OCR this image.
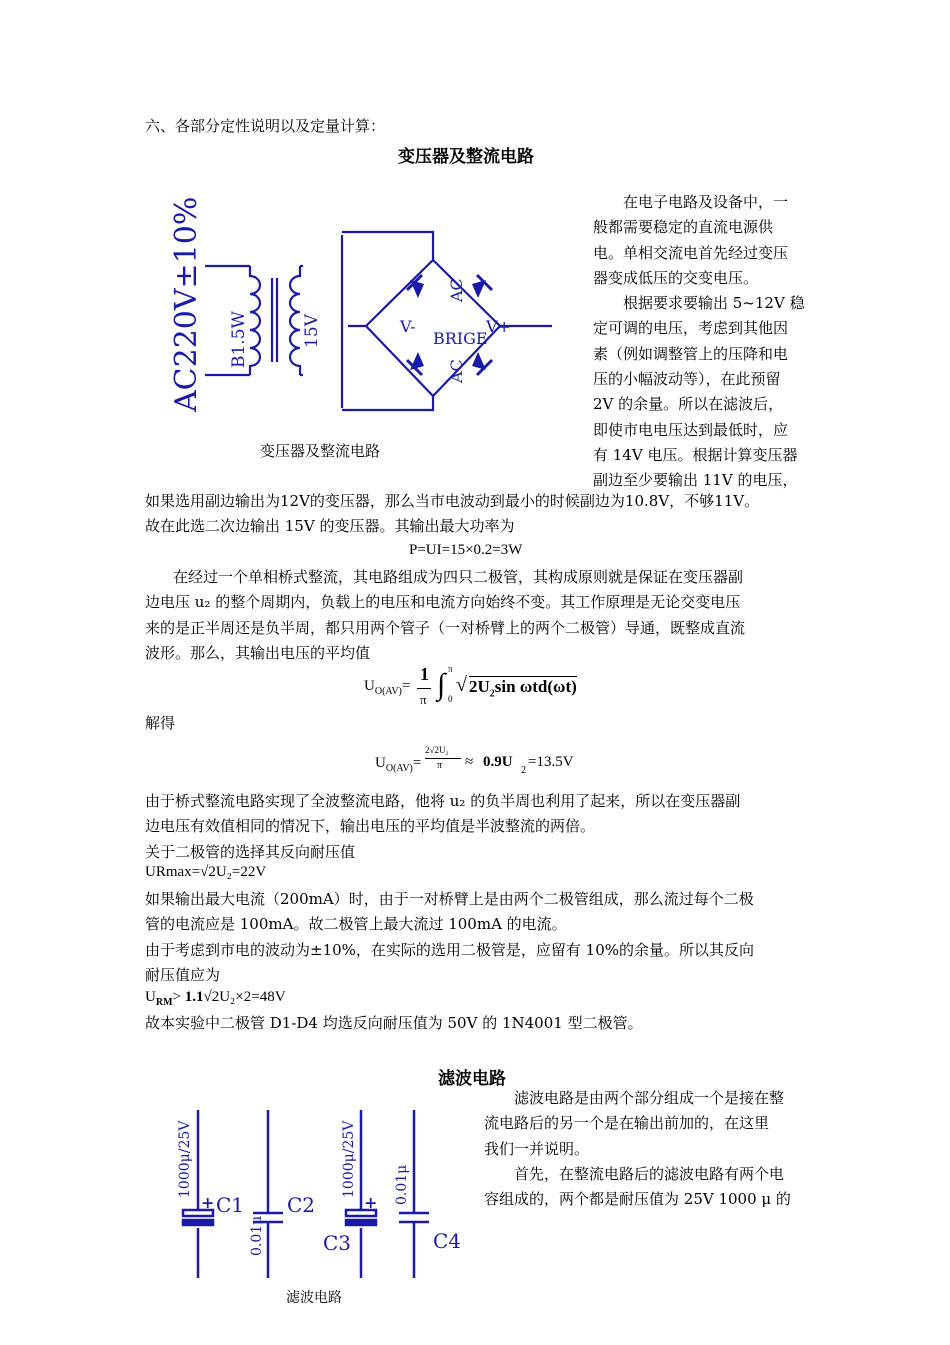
六、各部分定性说明以及定量计算：
变压器及整流电路
AC220V±10% B1.5W	15V	V-	V+
BRIGE
AC
AC
变压器及整流电路
在电子电路及设备中，一
般都需要稳定的直流电源供
电。单相交流电首先经过变压
器变成低压的交变电压。
根据要求要输出 5~12V 稳
定可调的电压，考虑到其他因
素（例如调整管上的压降和电
压的小幅波动等），在此预留
2V 的余量。所以在滤波后，
即使市电电压达到最低时，应
有 14V 电压。根据计算变压器
副边至少要输出 11V 的电压，
如果选用副边输出为12V的变压器，那么当市电波动到最小的时候副边为10.8V，不够11V。
故在此选二次边输出 15V 的变压器。其输出最大功率为
P=UI=15×0.2=3W
在经过一个单相桥式整流，其电路组成为四只二极管，其构成原则就是保证在变压器副
边电压 u₂ 的整个周期内，负载上的电压和电流方向始终不变。其工作原理是无论交变电压
来的是正半周还是负半周，都只用两个管子（一对桥臂上的两个二极管）导通，既整成直流
波形。那么，其输出电压的平均值
$U_{O(AV)}=$
1
π ∫ π
0
√ $2U_2\sin$ ωtd(ωt)
解得
$U_{O(AV)}=$
2√2U₂
π ≈ 0.9U
2
=13.5V
由于桥式整流电路实现了全波整流电路，他将 u₂ 的负半周也利用了起来，所以在变压器副
边电压有效值相同的情况下，输出电压的平均值是半波整流的两倍。
关于二极管的选择其反向耐压值
URmax=√2U₂=22V
如果输出最大电流（200mA）时，由于一对桥臂上是由两个二极管组成，那么流过每个二极
管的电流应是 100mA。故二极管上最大流过 100mA 的电流。
由于考虑到市电的波动为±10%，在实际的选用二极管是，应留有 10%的余量。所以其反向
耐压值应为
$U_{RM}> 1.1√2U_2\times 2=48V$
故本实验中二极管 D1-D4 均选反向耐压值为 50V 的 1N4001 型二极管。
滤波电路
1000μ/25V
+ C1
0.01μ
C2
1000μ/25V
+
C3
0.01μ
C4
滤波电路
滤波电路是由两个部分组成一个是接在整
流电路后的另一个是在输出前加的，在这里
我们一并说明。
首先，在整流电路后的滤波电路有两个电
容组成的，两个都是耐压值为 25V 1000 μ 的
